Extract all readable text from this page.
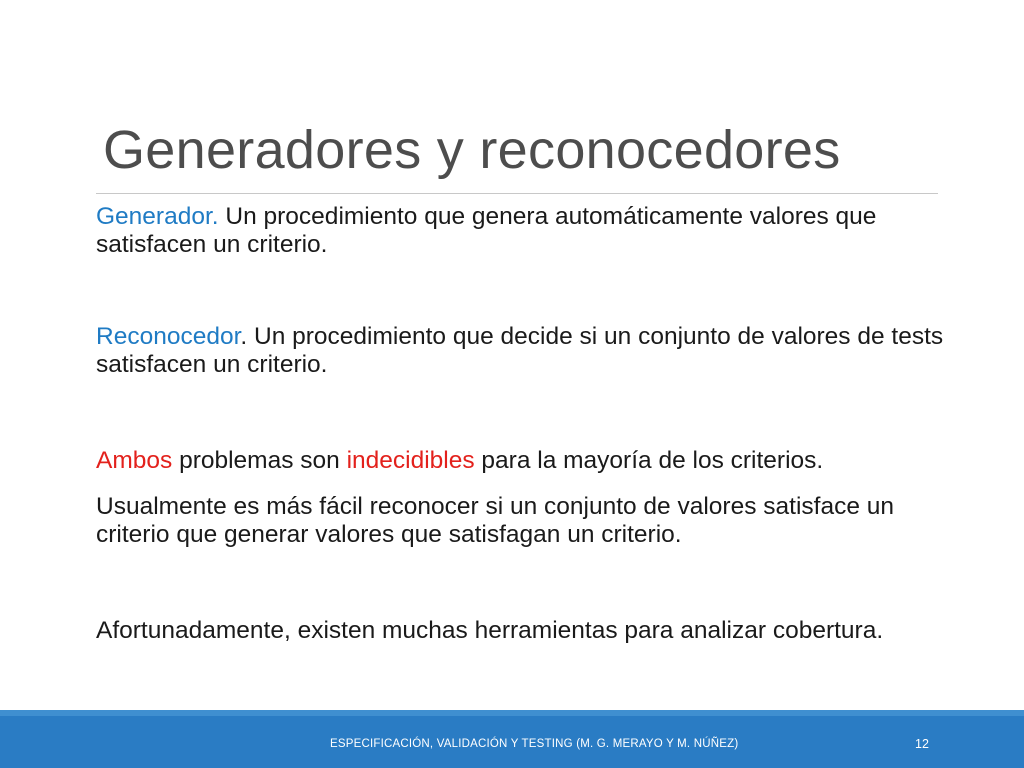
Generadores y reconocedores
Generador. Un procedimiento que genera automáticamente valores que satisfacen un criterio.
Reconocedor. Un procedimiento que decide si un conjunto de valores de tests satisfacen un criterio.
Ambos problemas son indecidibles para la mayoría de los criterios.
Usualmente es más fácil reconocer si un conjunto de valores satisface un criterio que generar valores que satisfagan un criterio.
Afortunadamente, existen muchas herramientas para analizar cobertura.
ESPECIFICACIÓN, VALIDACIÓN Y TESTING (M. G. MERAYO Y M. NÚÑEZ)	12
